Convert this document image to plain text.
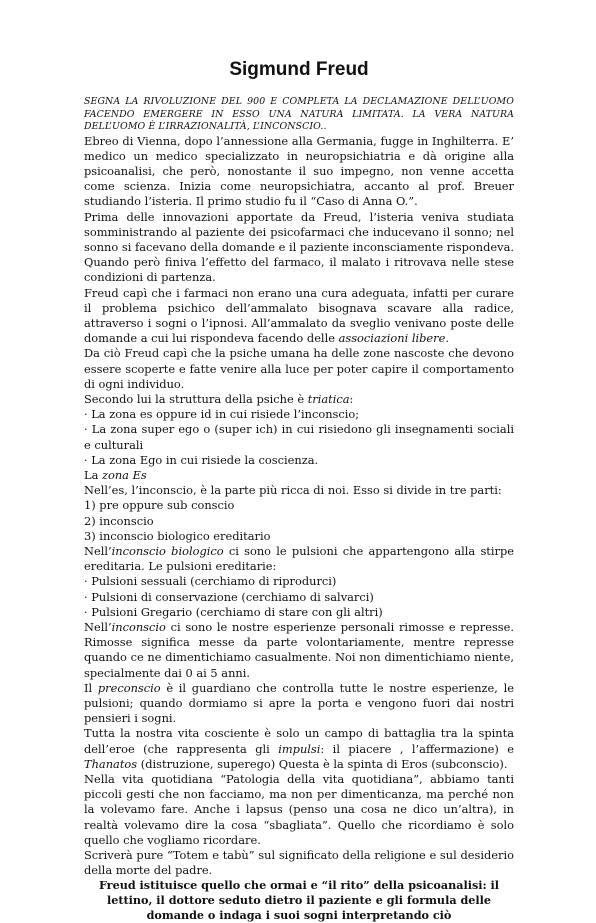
Sigmund Freud
SEGNA LA RIVOLUZIONE DEL 900 E COMPLETA LA DECLAMAZIONE DELL’UOMO FACENDO EMERGERE IN ESSO UNA NATURA LIMITATA. LA VERA NATURA DELL’UOMO È L’IRRAZIONALITÀ, L’INCONSCIO..

Ebreo di Vienna, dopo l’annessione alla Germania, fugge in Inghilterra. E’ medico un medico specializzato in neuropsichiatria e dà origine alla psicoanalisi, che però, nonostante il suo impegno, non venne accetta come scienza. Inizia come neuropsichiatra, accanto al prof. Breuer studiando l’isteria. Il primo studio fu il “Caso di Anna O.”.

Prima delle innovazioni apportate da Freud, l’isteria veniva studiata somministrando al paziente dei psicofarmaci che inducevano il sonno; nel sonno si facevano della domande e il paziente inconsciamente rispondeva. Quando però finiva l’effetto del farmaco, il malato i ritrovava nelle stese condizioni di partenza.

Freud capì che i farmaci non erano una cura adeguata, infatti per curare il problema psichico dell’ammalato bisognava scavare alla radice, attraverso i sogni o l’ipnosi. All’ammalato da sveglio venivano poste delle domande a cui lui rispondeva facendo delle associazioni libere.

Da ciò Freud capì che la psiche umana ha delle zone nascoste che devono essere scoperte e fatte venire alla luce per poter capire il comportamento di ogni individuo.

Secondo lui la struttura della psiche è triatica:

· La zona es oppure id in cui risiede l’inconscio;

· La zona super ego o (super ich) in cui risiedono gli insegnamenti sociali e culturali

· La zona Ego in cui risiede la coscienza.

La zona Es

Nell’es, l’inconscio, è la parte più ricca di noi. Esso si divide in tre parti:

1) pre oppure sub conscio

2) inconscio

3) inconscio biologico ereditario

Nell’inconscio biologico ci sono le pulsioni che appartengono alla stirpe ereditaria. Le pulsioni ereditarie:

· Pulsioni sessuali (cerchiamo di riprodurci)

· Pulsioni di conservazione (cerchiamo di salvarci)

· Pulsioni Gregario (cerchiamo di stare con gli altri)

Nell’inconscio ci sono le nostre esperienze personali rimosse e represse. Rimosse significa messe da parte volontariamente, mentre represse quando ce ne dimentichiamo casualmente. Noi non dimentichiamo niente, specialmente dai 0 ai 5 anni.

Il preconscio è il guardiano che controlla tutte le nostre esperienze, le pulsioni; quando dormiamo si apre la porta e vengono fuori dai nostri pensieri i sogni.

Tutta la nostra vita cosciente è solo un campo di battaglia tra la spinta dell’eroe (che rappresenta gli impulsi: il piacere , l’affermazione) e Thanatos (distruzione, superego) Questa è la spinta di Eros (subconscio).

Nella vita quotidiana “Patologia della vita quotidiana”, abbiamo tanti piccoli gesti che non facciamo, ma non per dimenticanza, ma perché non la volevamo fare. Anche i lapsus (penso una cosa ne dico un’altra), in realtà volevamo dire la cosa “sbagliata”. Quello che ricordiamo è solo quello che vogliamo ricordare.

Scriverà pure “Totem e tabù” sul significato della religione e sul desiderio della morte del padre.

Freud istituisce quello che ormai e “il rito” della psicoanalisi: il lettino, il dottore seduto dietro il paziente e gli formula delle domande o indaga i suoi sogni interpretando ciò
